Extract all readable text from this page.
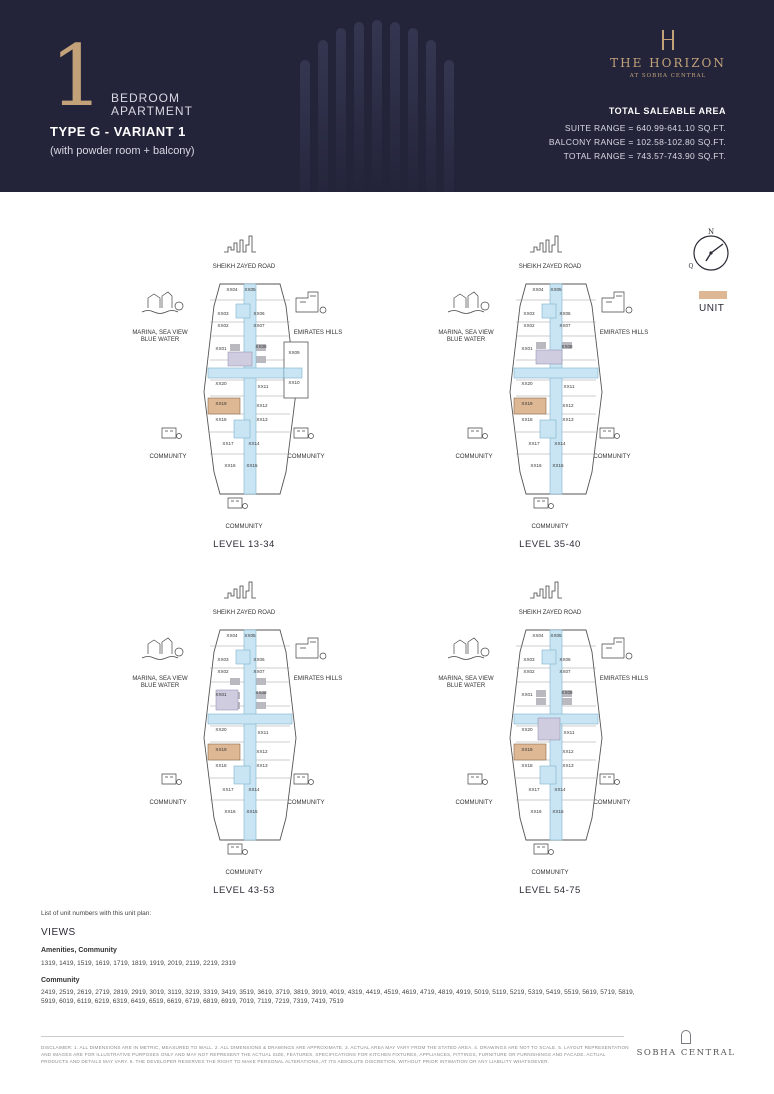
1 BEDROOM
APARTMENT
TYPE G - VARIANT 1
(with powder room + balcony)
THE HORIZON
AT SOBHA CENTRAL
TOTAL SALEABLE AREA
SUITE RANGE = 640.99-641.10 SQ.FT.
BALCONY RANGE = 102.58-102.80 SQ.FT.
TOTAL RANGE = 743.57-743.90 SQ.FT.
SHEIKH ZAYED ROAD
MARINA, SEA VIEW
BLUE WATER
EMIRATES HILLS
COMMUNITY	COMMUNITY
COMMUNITY
LEVEL 13-34
XX01
XX02
XX03
XX04 XX05
XX06
XX07
XX08
XX09
XX10
XX11
XX12
XX13
XX14
XX15
XX16
XX17
XX18
XX19
XX20
SHEIKH ZAYED ROAD
MARINA, SEA VIEW
BLUE WATER
EMIRATES HILLS
COMMUNITY	COMMUNITY
COMMUNITY
LEVEL 35-40
XX01
XX02
XX03
XX04 XX05
XX06
XX07
XX08
XX11
XX12
XX13
XX14
XX15
XX16
XX17
XX18
XX19
XX20
SHEIKH ZAYED ROAD
MARINA, SEA VIEW
BLUE WATER
EMIRATES HILLS
COMMUNITY	COMMUNITY
COMMUNITY
LEVEL 43-53
XX01
XX02
XX03
XX04 XX05
XX06
XX07
XX08
XX11
XX12
XX13
XX14
XX15
XX16
XX17
XX18
XX19
XX20
SHEIKH ZAYED ROAD
MARINA, SEA VIEW
BLUE WATER
EMIRATES HILLS
COMMUNITY	COMMUNITY
COMMUNITY
LEVEL 54-75
XX01
XX02
XX03
XX04 XX05
XX06
XX07
XX08
XX11
XX12
XX13
XX14
XX15
XX16
XX17
XX18
XX19
XX20
N
Q
UNIT
List of unit numbers with this unit plan:
VIEWS
Amenities, Community
1319, 1419, 1519, 1619, 1719, 1819, 1919, 2019, 2119, 2219, 2319
Community
2419, 2519, 2619, 2719, 2819, 2919, 3019, 3119, 3219, 3319, 3419, 3519, 3619, 3719, 3819, 3919, 4019, 4319, 4419, 4519, 4619, 4719, 4819, 4919, 5019, 5119, 5219, 5319, 5419, 5519, 5619, 5719, 5819, 5919, 6019, 6119, 6219, 6319, 6419, 6519, 6619, 6719, 6819, 6919, 7019, 7119, 7219, 7319, 7419, 7519
DISCLAIMER: 1. ALL DIMENSIONS ARE IN METRIC, MEASURED TO WALL. 2. ALL DIMENSIONS & DRAWINGS ARE APPROXIMATE. 3. ACTUAL AREA MAY VARY FROM THE STATED AREA. 4. DRAWINGS ARE NOT TO SCALE. 5. LAYOUT REPRESENTATION AND IMAGES ARE FOR ILLUSTRATIVE PURPOSES ONLY AND MAY NOT REPRESENT THE ACTUAL SIZE, FEATURES, SPECIFICATIONS FOR KITCHEN FIXTURES, APPLIANCES, FITTINGS, FURNITURE OR FURNISHINGS AND FACADE. ACTUAL PRODUCTS AND DETAILS MAY VARY. 6. THE DEVELOPER RESERVES THE RIGHT TO MAKE PERSONAL ALTERATIONS, AT ITS ABSOLUTE DISCRETION, WITHOUT PRIOR INTIMATION OR ANY LIABILITY WHATSOEVER.
SOBHA CENTRAL
